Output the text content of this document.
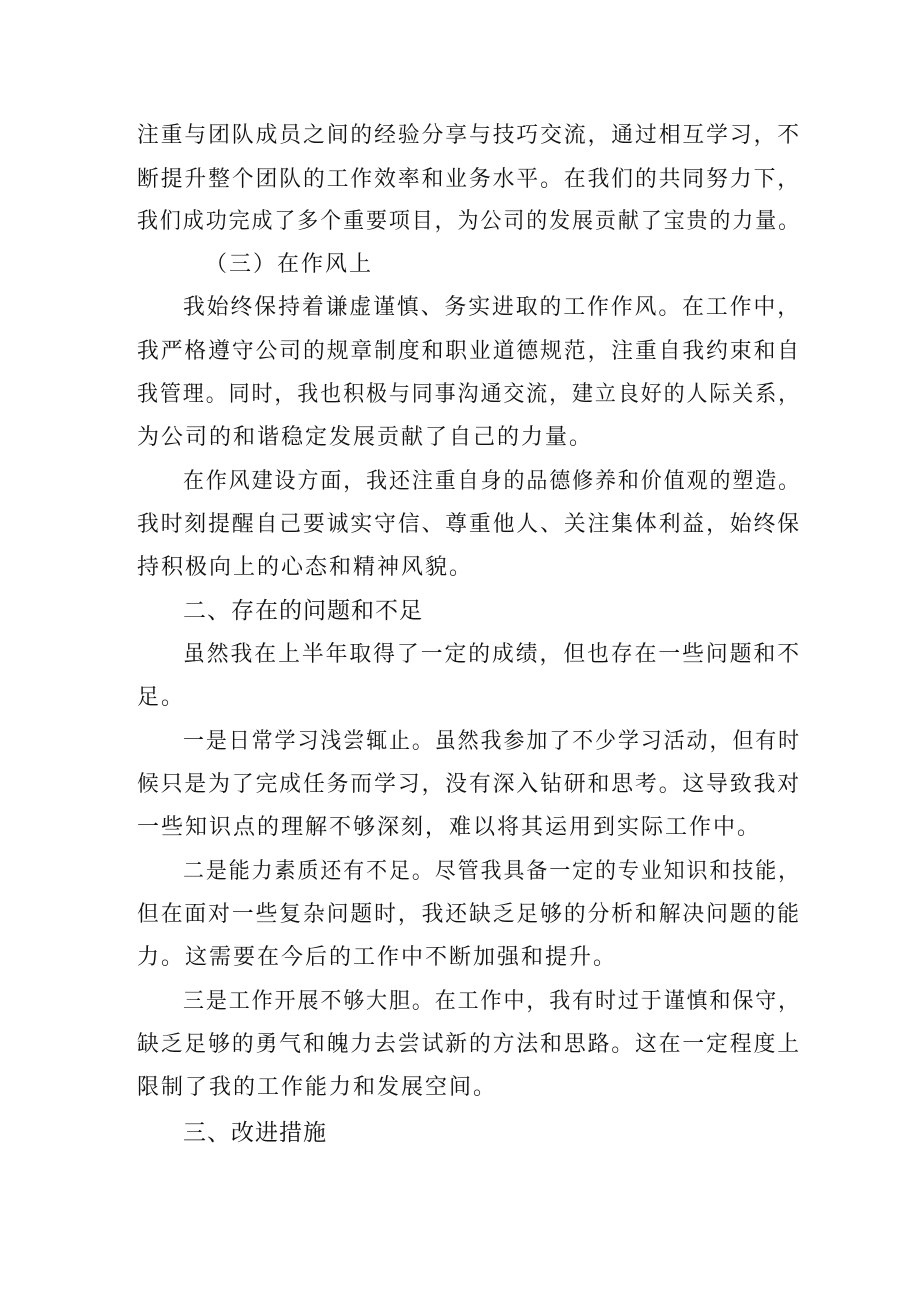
注重与团队成员之间的经验分享与技巧交流，通过相互学习，不
断提升整个团队的工作效率和业务水平。在我们的共同努力下，
我们成功完成了多个重要项目，为公司的发展贡献了宝贵的力量。
（三）在作风上
我始终保持着谦虚谨慎、务实进取的工作作风。在工作中，
我严格遵守公司的规章制度和职业道德规范，注重自我约束和自
我管理。同时，我也积极与同事沟通交流，建立良好的人际关系，
为公司的和谐稳定发展贡献了自己的力量。
在作风建设方面，我还注重自身的品德修养和价值观的塑造。
我时刻提醒自己要诚实守信、尊重他人、关注集体利益，始终保
持积极向上的心态和精神风貌。
二、存在的问题和不足
虽然我在上半年取得了一定的成绩，但也存在一些问题和不
足。
一是日常学习浅尝辄止。虽然我参加了不少学习活动，但有时
候只是为了完成任务而学习，没有深入钻研和思考。这导致我对
一些知识点的理解不够深刻，难以将其运用到实际工作中。
二是能力素质还有不足。尽管我具备一定的专业知识和技能，
但在面对一些复杂问题时，我还缺乏足够的分析和解决问题的能
力。这需要在今后的工作中不断加强和提升。
三是工作开展不够大胆。在工作中，我有时过于谨慎和保守，
缺乏足够的勇气和魄力去尝试新的方法和思路。这在一定程度上
限制了我的工作能力和发展空间。
三、改进措施
